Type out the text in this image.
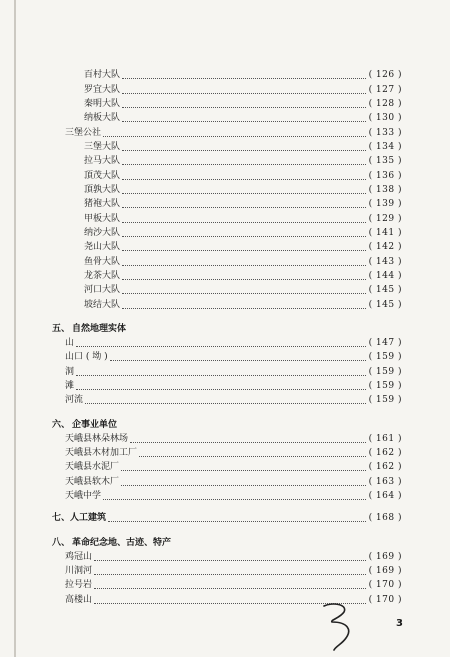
百村大队	( 126 )
罗宜大队	( 127 )
秦明大队	( 128 )
纳板大队	( 130 )
三堡公社	( 133 )
三堡大队	( 134 )
拉马大队	( 135 )
頂茂大队	( 136 )
頂孰大队	( 138 )
猪袍大队	( 139 )
甲板大队	( 129 )
纳沙大队	( 141 )
尧山大队	( 142 )
鱼骨大队	( 143 )
龙茶大队	( 144 )
河口大队	( 145 )
坡结大队	( 145 )
五、 自然地理实体
山	( 147 )
山口 ( 坳 )	( 159 )
洞	( 159 )
滩	( 159 )
河流	( 159 )
六、 企事业单位
天峨县林朵林场	( 161 )
天峨县木材加工厂	( 162 )
天峨县水泥厂	( 162 )
天峨县软木厂	( 163 )
天峨中学	( 164 )
七、人工建筑	( 168 )
八、 革命纪念地、古迹、特产
鸡冠山	( 169 )
川洞河	( 169 )
拉号岩	( 170 )
高楼山	( 170 )
3
